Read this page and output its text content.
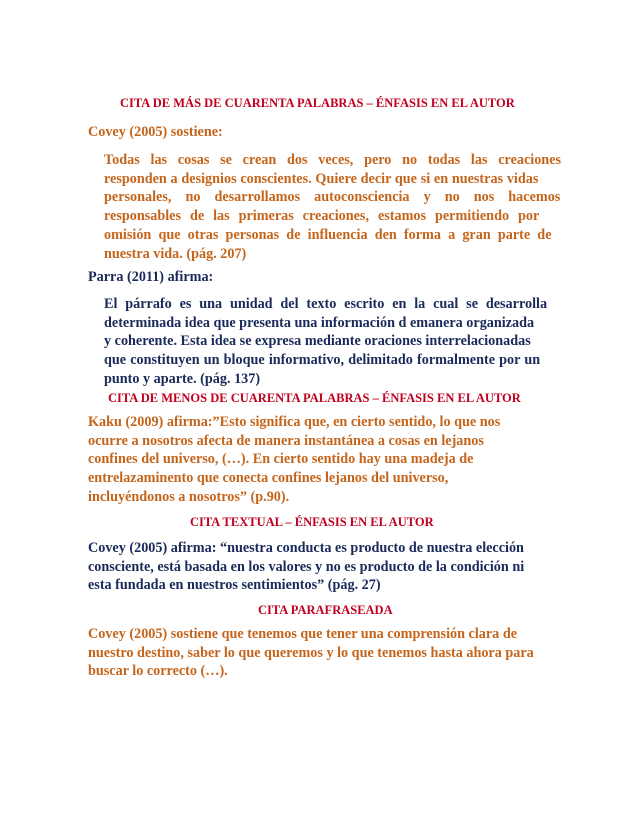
CITA DE MÁS DE CUARENTA PALABRAS – ÉNFASIS EN EL AUTOR
Covey (2005) sostiene:
Todas las cosas se crean dos veces, pero no todas las creaciones
responden a designios conscientes. Quiere decir que si en nuestras vidas
personales, no desarrollamos autoconsciencia y no nos hacemos
responsables de las primeras creaciones, estamos permitiendo por
omisión que otras personas de influencia den forma a gran parte de
nuestra vida. (pág. 207)
Parra (2011) afirma:
El párrafo es una unidad del texto escrito en la cual se desarrolla
determinada idea que presenta una información d emanera organizada
y coherente. Esta idea se expresa mediante oraciones interrelacionadas
que constituyen un bloque informativo, delimitado formalmente por un
punto y aparte. (pág. 137)
CITA DE MENOS DE CUARENTA PALABRAS – ÉNFASIS EN EL AUTOR
Kaku (2009) afirma:”Esto significa que, en cierto sentido, lo que nos
ocurre a nosotros afecta de manera instantánea a cosas en lejanos
confines del universo, (…). En cierto sentido hay una madeja de
entrelazaminento que conecta confines lejanos del universo,
incluyéndonos a nosotros” (p.90).
CITA TEXTUAL – ÉNFASIS EN EL AUTOR
Covey (2005) afirma: “nuestra conducta es producto de nuestra elección
consciente, está basada en los valores y no es producto de la condición ni
esta fundada en nuestros sentimientos” (pág. 27)
CITA PARAFRASEADA
Covey (2005) sostiene que tenemos que tener una comprensión clara de
nuestro destino, saber lo que queremos y lo que tenemos hasta ahora para
buscar lo correcto (…).
